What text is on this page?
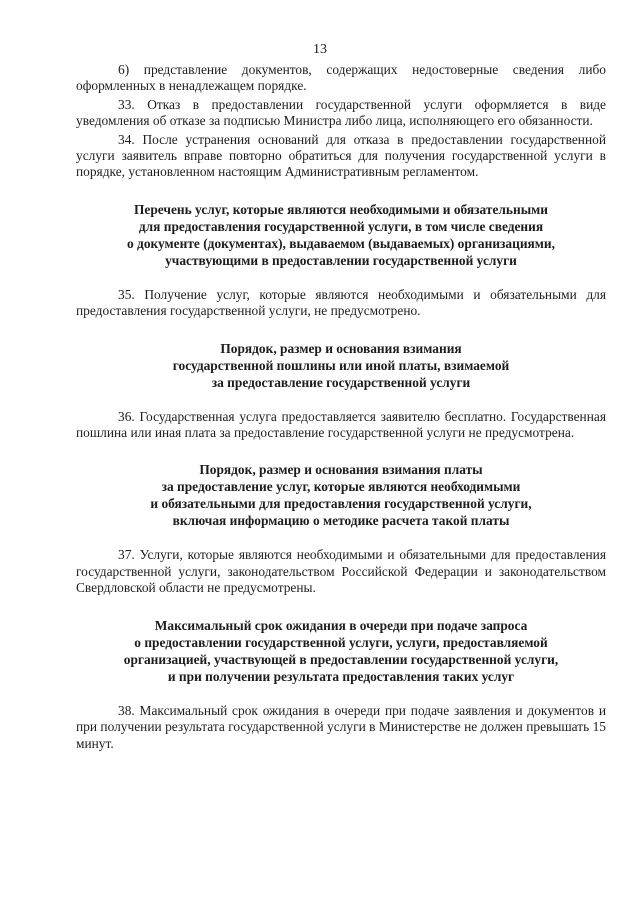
13

6) представление документов, содержащих недостоверные сведения либо оформленных в ненадлежащем порядке.

33. Отказ в предоставлении государственной услуги оформляется в виде уведомления об отказе за подписью Министра либо лица, исполняющего его обязанности.

34. После устранения оснований для отказа в предоставлении государственной услуги заявитель вправе повторно обратиться для получения государственной услуги в порядке, установленном настоящим Административным регламентом.

Перечень услуг, которые являются необходимыми и обязательными

для предоставления государственной услуги, в том числе сведения

о документе (документах), выдаваемом (выдаваемых) организациями,

участвующими в предоставлении государственной услуги

35. Получение услуг, которые являются необходимыми и обязательными для предоставления государственной услуги, не предусмотрено.

Порядок, размер и основания взимания

государственной пошлины или иной платы, взимаемой

за предоставление государственной услуги

36. Государственная услуга предоставляется заявителю бесплатно. Государственная пошлина или иная плата за предоставление государственной услуги не предусмотрена.

Порядок, размер и основания взимания платы

за предоставление услуг, которые являются необходимыми

и обязательными для предоставления государственной услуги,

включая информацию о методике расчета такой платы

37. Услуги, которые являются необходимыми и обязательными для предоставления государственной услуги, законодательством Российской Федерации и законодательством Свердловской области не предусмотрены.

Максимальный срок ожидания в очереди при подаче запроса

о предоставлении государственной услуги, услуги, предоставляемой

организацией, участвующей в предоставлении государственной услуги,

и при получении результата предоставления таких услуг

38. Максимальный срок ожидания в очереди при подаче заявления и документов и при получении результата государственной услуги в Министерстве не должен превышать 15 минут.
